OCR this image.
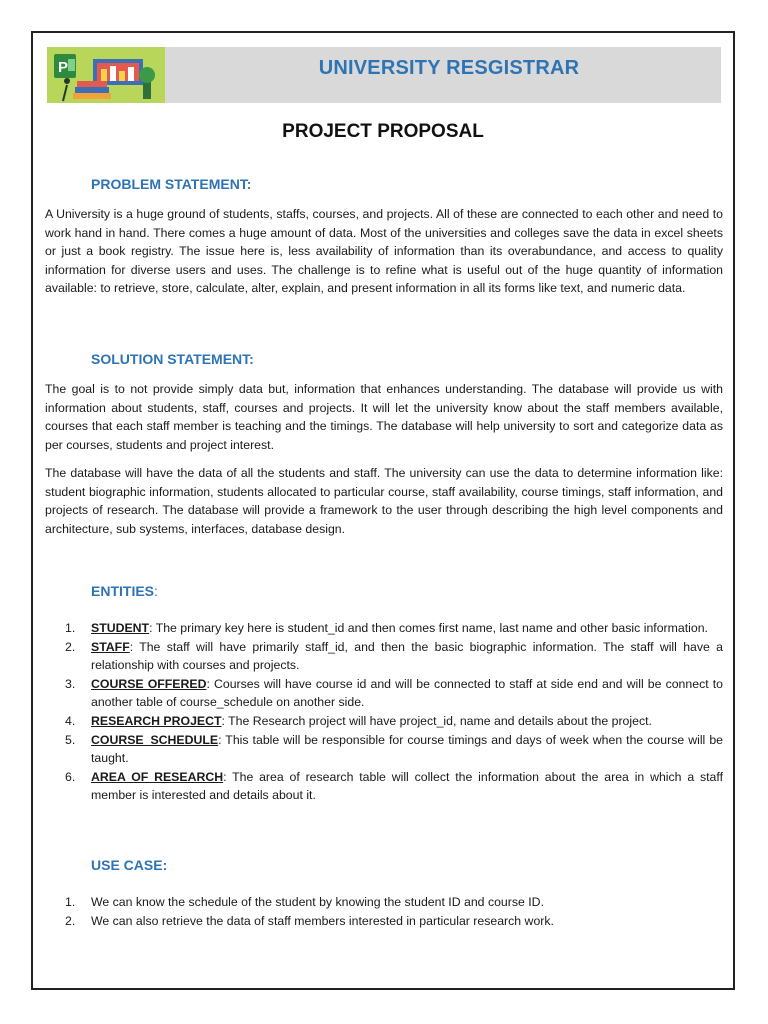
P	UNIVERSITY RESGISTRAR
PROJECT PROPOSAL
PROBLEM STATEMENT:

A University is a huge ground of students, staffs, courses, and projects. All of these are connected to each other and need to work hand in hand. There comes a huge amount of data. Most of the universities and colleges save the data in excel sheets or just a book registry. The issue here is, less availability of information than its overabundance, and access to quality information for diverse users and uses. The challenge is to refine what is useful out of the huge quantity of information available: to retrieve, store, calculate, alter, explain, and present information in all its forms like text, and numeric data.

SOLUTION STATEMENT:

The goal is to not provide simply data but, information that enhances understanding. The database will provide us with information about students, staff, courses and projects. It will let the university know about the staff members available, courses that each staff member is teaching and the timings. The database will help university to sort and categorize data as per courses, students and project interest.

The database will have the data of all the students and staff. The university can use the data to determine information like: student biographic information, students allocated to particular course, staff availability, course timings, staff information, and projects of research. The database will provide a framework to the user through describing the high level components and architecture, sub systems, interfaces, database design.

ENTITIES:
1. STUDENT: The primary key here is student_id and then comes first name, last name and other basic information.
2. STAFF: The staff will have primarily staff_id, and then the basic biographic information. The staff will have a relationship with courses and projects.
3. COURSE OFFERED: Courses will have course id and will be connected to staff at side end and will be connect to another table of course_schedule on another side.
4. RESEARCH PROJECT: The Research project will have project_id, name and details about the project.
5. COURSE_SCHEDULE: This table will be responsible for course timings and days of week when the course will be taught.
6. AREA OF RESEARCH: The area of research table will collect the information about the area in which a staff member is interested and details about it.
USE CASE:
1. We can know the schedule of the student by knowing the student ID and course ID.
2. We can also retrieve the data of staff members interested in particular research work.
